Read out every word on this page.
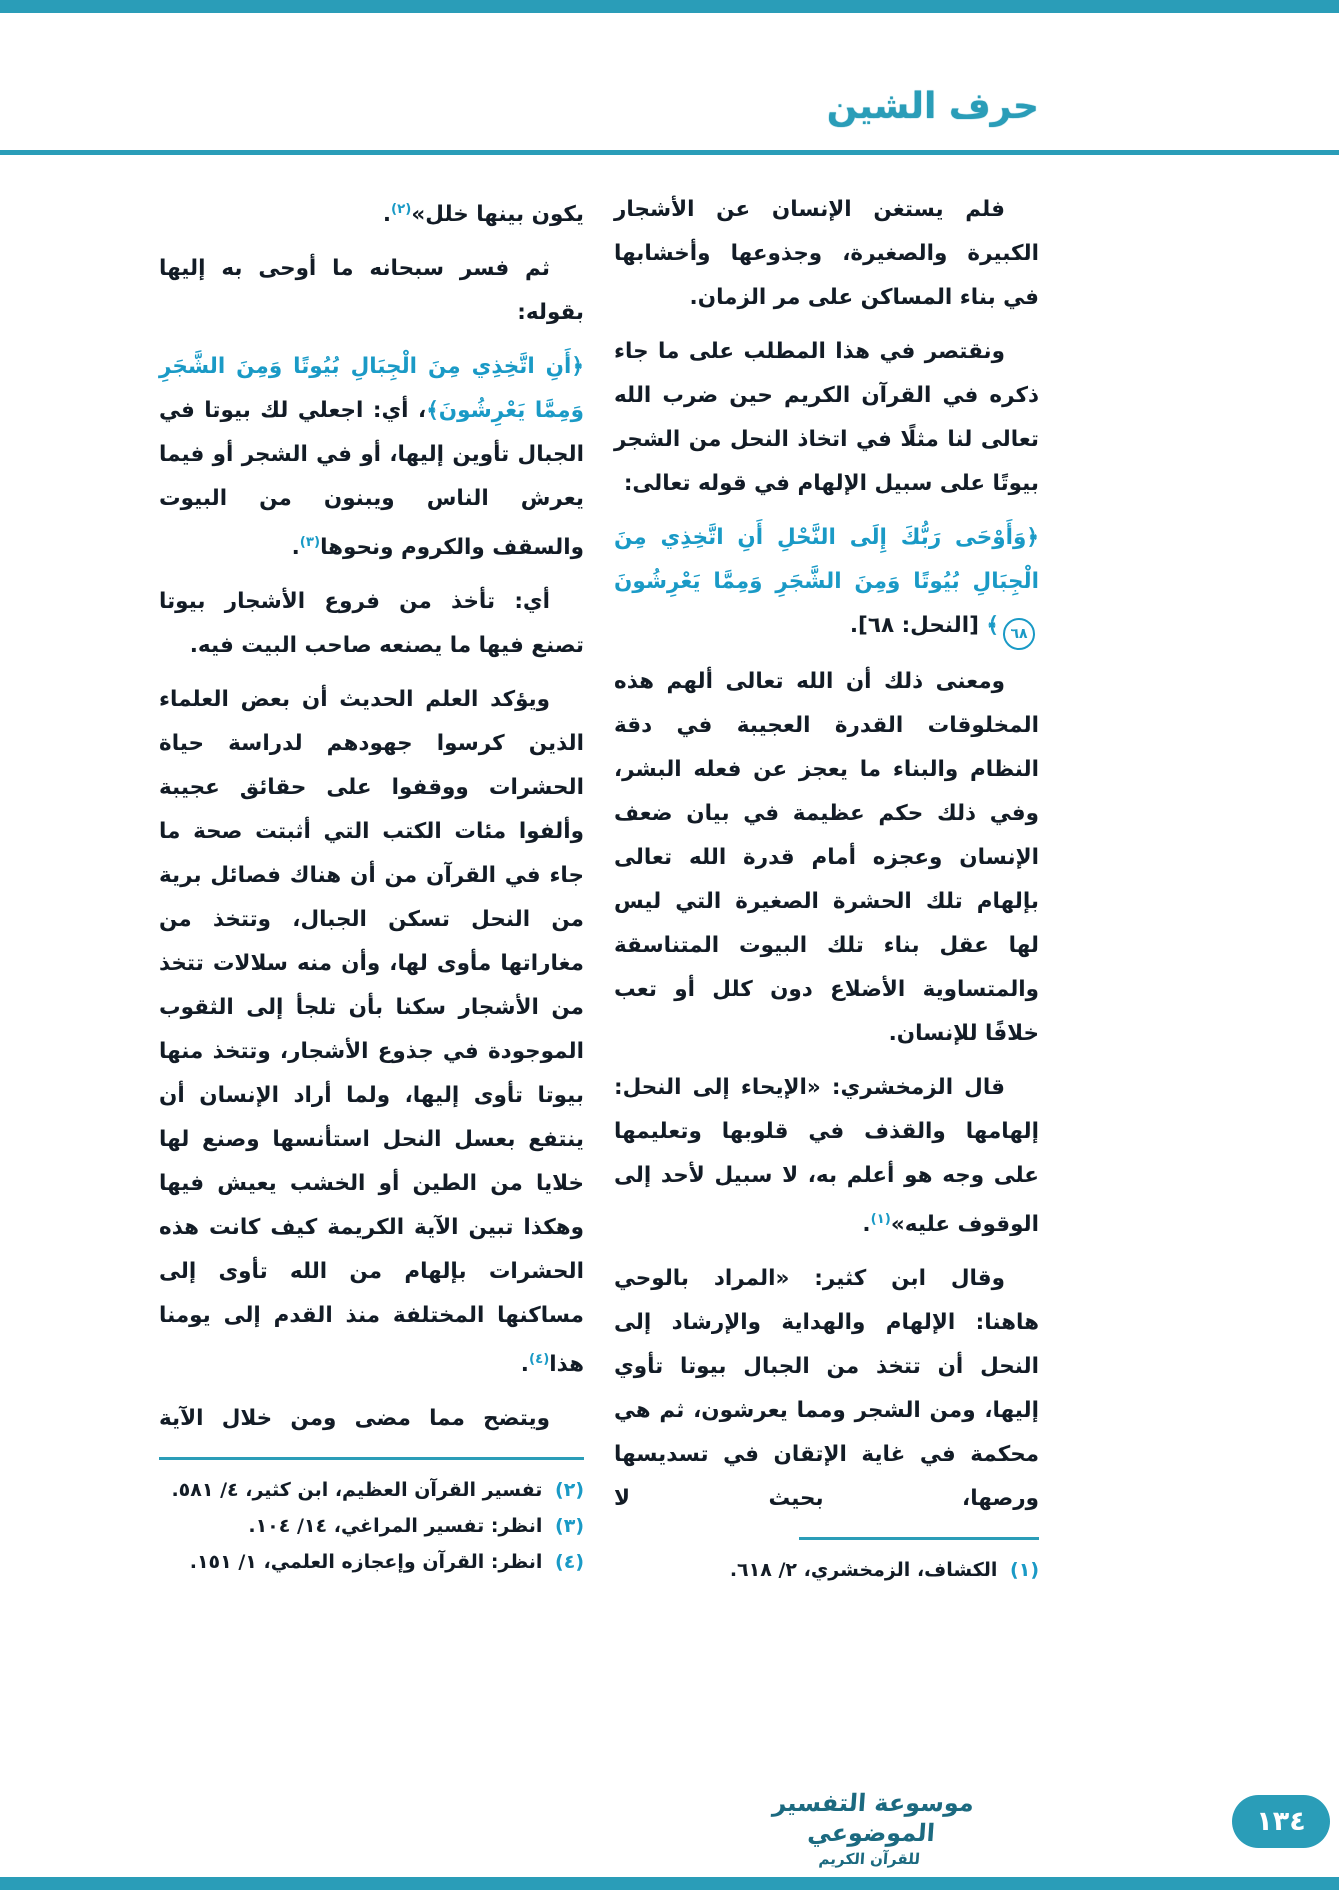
حرف الشين

فلم يستغن الإنسان عن الأشجار الكبيرة والصغيرة، وجذوعها وأخشابها في بناء المساكن على مر الزمان.

ونقتصر في هذا المطلب على ما جاء ذكره في القرآن الكريم حين ضرب الله تعالى لنا مثلًا في اتخاذ النحل من الشجر بيوتًا على سبيل الإلهام في قوله تعالى:

﴿وَأَوْحَى رَبُّكَ إِلَى النَّحْلِ أَنِ اتَّخِذِي مِنَ الْجِبَالِ بُيُوتًا وَمِنَ الشَّجَرِ وَمِمَّا يَعْرِشُونَ ٦٨﴾ [النحل: ٦٨].

ومعنى ذلك أن الله تعالى ألهم هذه المخلوقات القدرة العجيبة في دقة النظام والبناء ما يعجز عن فعله البشر، وفي ذلك حكم عظيمة في بيان ضعف الإنسان وعجزه أمام قدرة الله تعالى بإلهام تلك الحشرة الصغيرة التي ليس لها عقل بناء تلك البيوت المتناسقة والمتساوية الأضلاع دون كلل أو تعب خلافًا للإنسان.

قال الزمخشري: «الإيحاء إلى النحل: إلهامها والقذف في قلوبها وتعليمها على وجه هو أعلم به، لا سبيل لأحد إلى الوقوف عليه»$^{(١)}$.

وقال ابن كثير: «المراد بالوحي هاهنا: الإلهام والهداية والإرشاد إلى النحل أن تتخذ من الجبال بيوتا تأوي إليها، ومن الشجر ومما يعرشون، ثم هي محكمة في غاية الإتقان في تسديسها ورصها، بحيث لا

(١) الكشاف، الزمخشري، ٢/ ٦١٨.

يكون بينها خلل»$^{(٢)}$.

ثم فسر سبحانه ما أوحى به إليها بقوله:

﴿أَنِ اتَّخِذِي مِنَ الْجِبَالِ بُيُوتًا وَمِنَ الشَّجَرِ وَمِمَّا يَعْرِشُونَ﴾، أي: اجعلي لك بيوتا في الجبال تأوين إليها، أو في الشجر أو فيما يعرش الناس ويبنون من البيوت والسقف والكروم ونحوها$^{(٣)}$.

أي: تأخذ من فروع الأشجار بيوتا تصنع فيها ما يصنعه صاحب البيت فيه.

ويؤكد العلم الحديث أن بعض العلماء الذين كرسوا جهودهم لدراسة حياة الحشرات ووقفوا على حقائق عجيبة وألفوا مئات الكتب التي أثبتت صحة ما جاء في القرآن من أن هناك فصائل برية من النحل تسكن الجبال، وتتخذ من مغاراتها مأوى لها، وأن منه سلالات تتخذ من الأشجار سكنا بأن تلجأ إلى الثقوب الموجودة في جذوع الأشجار، وتتخذ منها بيوتا تأوى إليها، ولما أراد الإنسان أن ينتفع بعسل النحل استأنسها وصنع لها خلايا من الطين أو الخشب يعيش فيها وهكذا تبين الآية الكريمة كيف كانت هذه الحشرات بإلهام من الله تأوى إلى مساكنها المختلفة منذ القدم إلى يومنا هذا$^{(٤)}$.

ويتضح مما مضى ومن خلال الآية

(٢) تفسير القرآن العظيم، ابن كثير، ٤/ ٥٨١.
(٣) انظر: تفسير المراغي، ١٤/ ١٠٤.
(٤) انظر: القرآن وإعجازه العلمي، ١/ ١٥١.
موسوعة التفسير الموضوعي
للقرآن الكريم
١٣٤
